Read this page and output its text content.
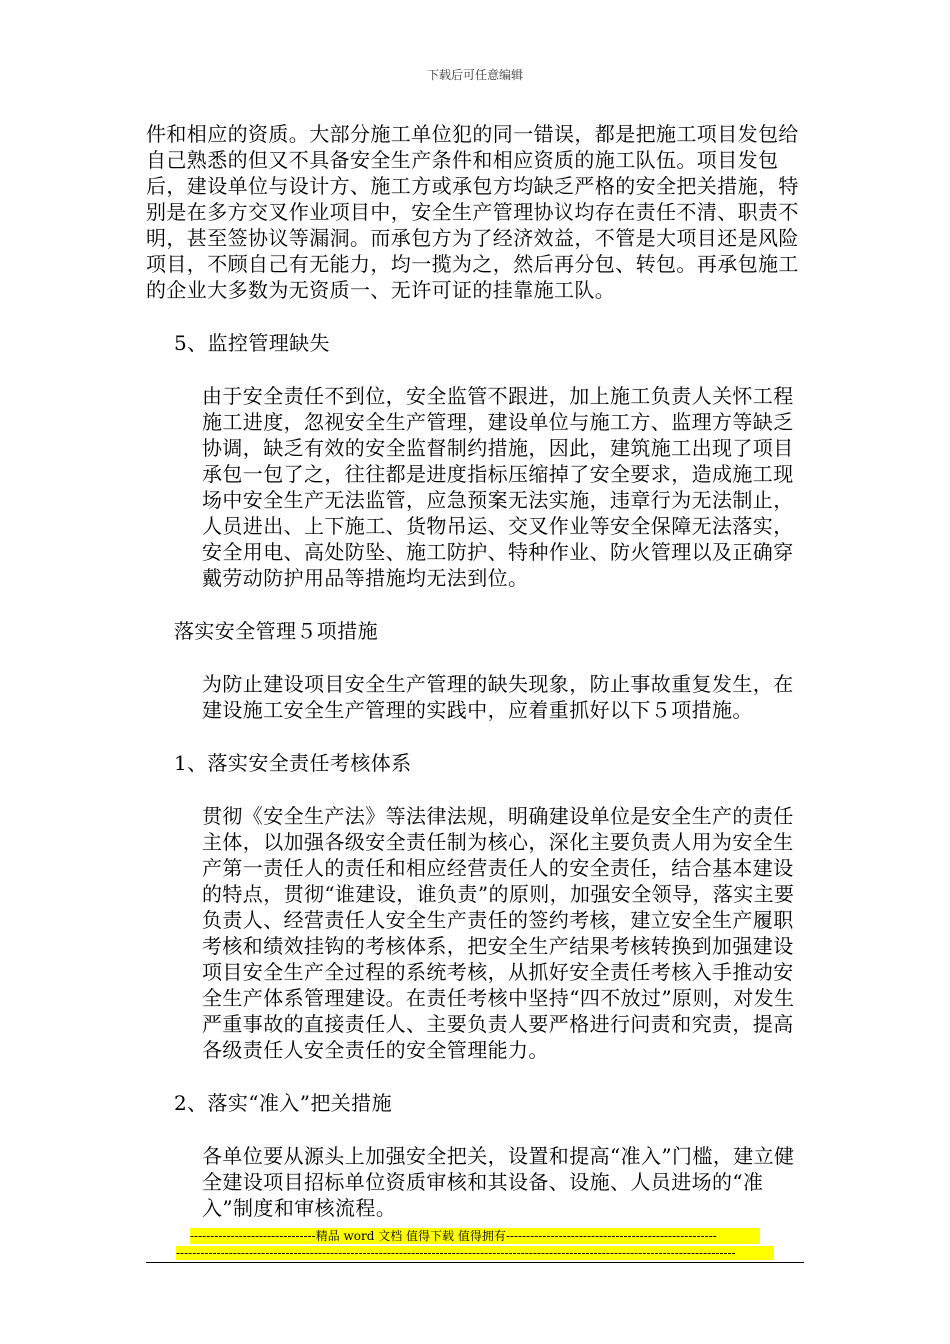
下载后可任意编辑

件和相应的资质。大部分施工单位犯的同一错误，都是把施工项目发包给自己熟悉的但又不具备安全生产条件和相应资质的施工队伍。项目发包后，建设单位与设计方、施工方或承包方均缺乏严格的安全把关措施，特别是在多方交叉作业项目中，安全生产管理协议均存在责任不清、职责不明，甚至签协议等漏洞。而承包方为了经济效益，不管是大项目还是风险项目，不顾自己有无能力，均一揽为之，然后再分包、转包。再承包施工的企业大多数为无资质一、无许可证的挂靠施工队。

5、监控管理缺失

由于安全责任不到位，安全监管不跟进，加上施工负责人关怀工程施工进度，忽视安全生产管理，建设单位与施工方、监理方等缺乏协调，缺乏有效的安全监督制约措施，因此，建筑施工出现了项目承包一包了之，往往都是进度指标压缩掉了安全要求，造成施工现场中安全生产无法监管，应急预案无法实施，违章行为无法制止，人员进出、上下施工、货物吊运、交叉作业等安全保障无法落实，安全用电、高处防坠、施工防护、特种作业、防火管理以及正确穿戴劳动防护用品等措施均无法到位。

落实安全管理５项措施

为防止建设项目安全生产管理的缺失现象，防止事故重复发生，在建设施工安全生产管理的实践中，应着重抓好以下５项措施。

1、落实安全责任考核体系

贯彻《安全生产法》等法律法规，明确建设单位是安全生产的责任主体，以加强各级安全责任制为核心，深化主要负责人用为安全生产第一责任人的责任和相应经营责任人的安全责任，结合基本建设的特点，贯彻“谁建设，谁负责”的原则，加强安全领导，落实主要负责人、经营责任人安全生产责任的签约考核，建立安全生产履职考核和绩效挂钩的考核体系，把安全生产结果考核转换到加强建设项目安全生产全过程的系统考核，从抓好安全责任考核入手推动安全生产体系管理建设。在责任考核中坚持“四不放过”原则，对发生严重事故的直接责任人、主要负责人要严格进行问责和究责，提高各级责任人安全责任的安全管理能力。

2、落实“准入”把关措施

各单位要从源头上加强安全把关，设置和提高“准入”门槛，建立健全建设项目招标单位资质审核和其设备、设施、人员进场的“准入”制度和审核流程。

-------------------------------精品 word 文档 值得下载 值得拥有----------------------------------------------------
------------------------------------------------------------------------------------------------------------------------------------------
